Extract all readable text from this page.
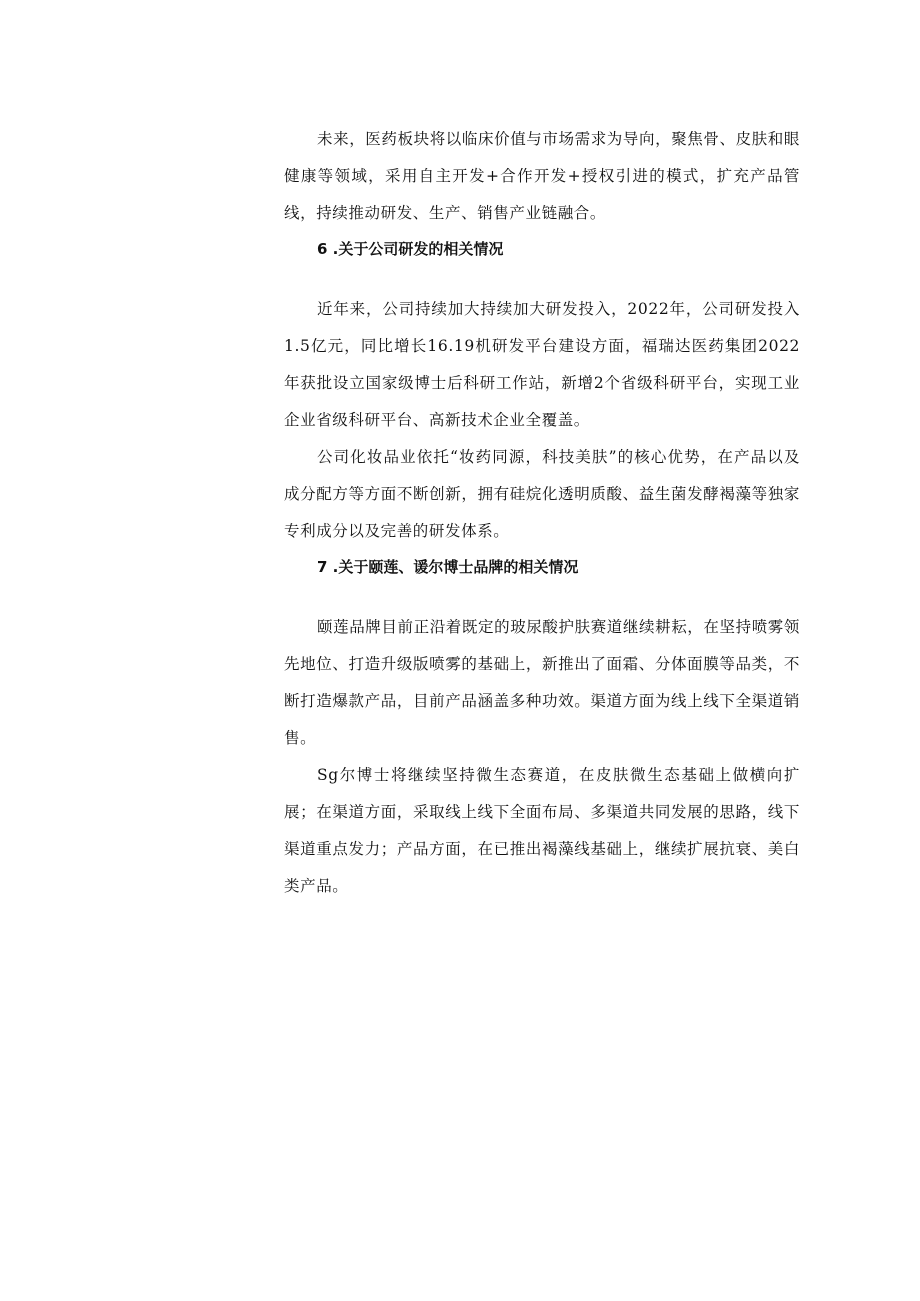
未来，医药板块将以临床价值与市场需求为导向，聚焦骨、皮肤和眼健康等领域，采用自主开发+合作开发+授权引进的模式，扩充产品管线，持续推动研发、生产、销售产业链融合。

6 .关于公司研发的相关情况

近年来，公司持续加大持续加大研发投入，2022年，公司研发投入1.5亿元，同比增长16.19机研发平台建设方面，福瑞达医药集团2022年获批设立国家级博士后科研工作站，新增2个省级科研平台，实现工业企业省级科研平台、高新技术企业全覆盖。

公司化妆品业依托“妆药同源，科技美肤”的核心优势，在产品以及成分配方等方面不断创新，拥有硅烷化透明质酸、益生菌发酵褐藻等独家专利成分以及完善的研发体系。

7 .关于颐莲、谖尔博士品牌的相关情况

颐莲品牌目前正沿着既定的玻尿酸护肤赛道继续耕耘，在坚持喷雾领先地位、打造升级版喷雾的基础上，新推出了面霜、分体面膜等品类，不断打造爆款产品，目前产品涵盖多种功效。渠道方面为线上线下全渠道销售。

Sg尔博士将继续坚持微生态赛道，在皮肤微生态基础上做横向扩展；在渠道方面，采取线上线下全面布局、多渠道共同发展的思路，线下渠道重点发力；产品方面，在已推出褐藻线基础上，继续扩展抗衰、美白类产品。
